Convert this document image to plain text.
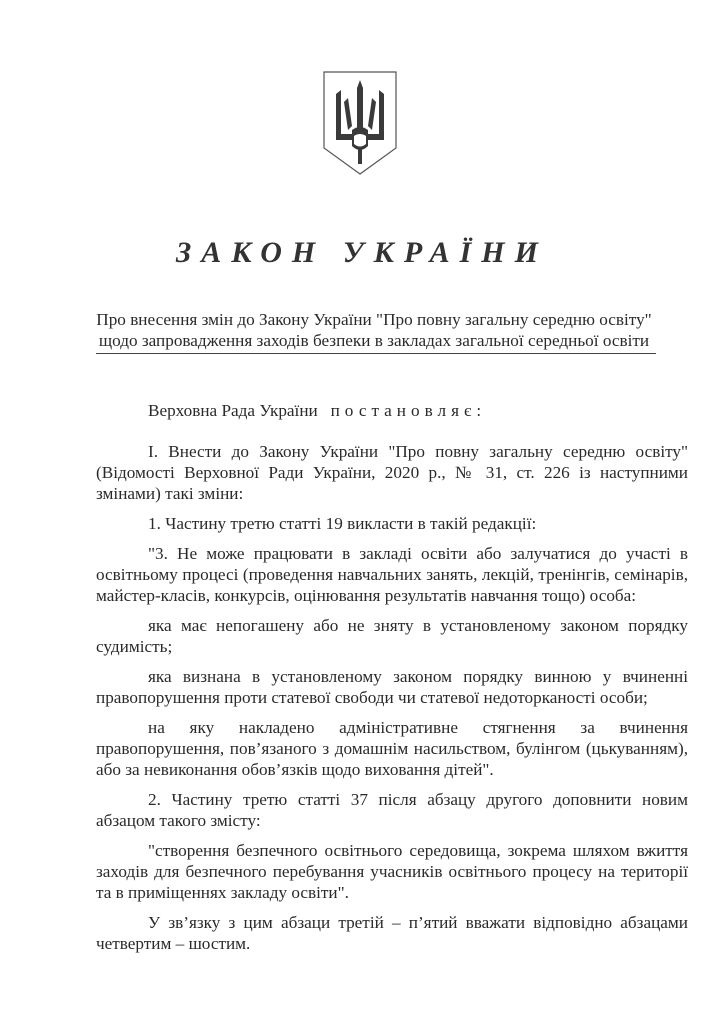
ЗАКОН УКРАЇНИ
Про внесення змін до Закону України "Про повну загальну середню освіту"
щодо запровадження заходів безпеки в закладах загальної середньої освіти

Верховна Рада України постановляє:

І. Внести до Закону України "Про повну загальну середню освіту" (Відомості Верховної Ради України, 2020 р., № 31, ст. 226 із наступними змінами) такі зміни:

1. Частину третю статті 19 викласти в такій редакції:

"3. Не може працювати в закладі освіти або залучатися до участі в освітньому процесі (проведення навчальних занять, лекцій, тренінгів, семінарів, майстер-класів, конкурсів, оцінювання результатів навчання тощо) особа:

яка має непогашену або не зняту в установленому законом порядку судимість;

яка визнана в установленому законом порядку винною у вчиненні правопорушення проти статевої свободи чи статевої недоторканості особи;

на яку накладено адміністративне стягнення за вчинення правопорушення, пов’язаного з домашнім насильством, булінгом (цькуванням), або за невиконання обов’язків щодо виховання дітей".

2. Частину третю статті 37 після абзацу другого доповнити новим абзацом такого змісту:

"створення безпечного освітнього середовища, зокрема шляхом вжиття заходів для безпечного перебування учасників освітнього процесу на території та в приміщеннях закладу освіти".

У зв’язку з цим абзаци третій – п’ятий вважати відповідно абзацами четвертим – шостим.
